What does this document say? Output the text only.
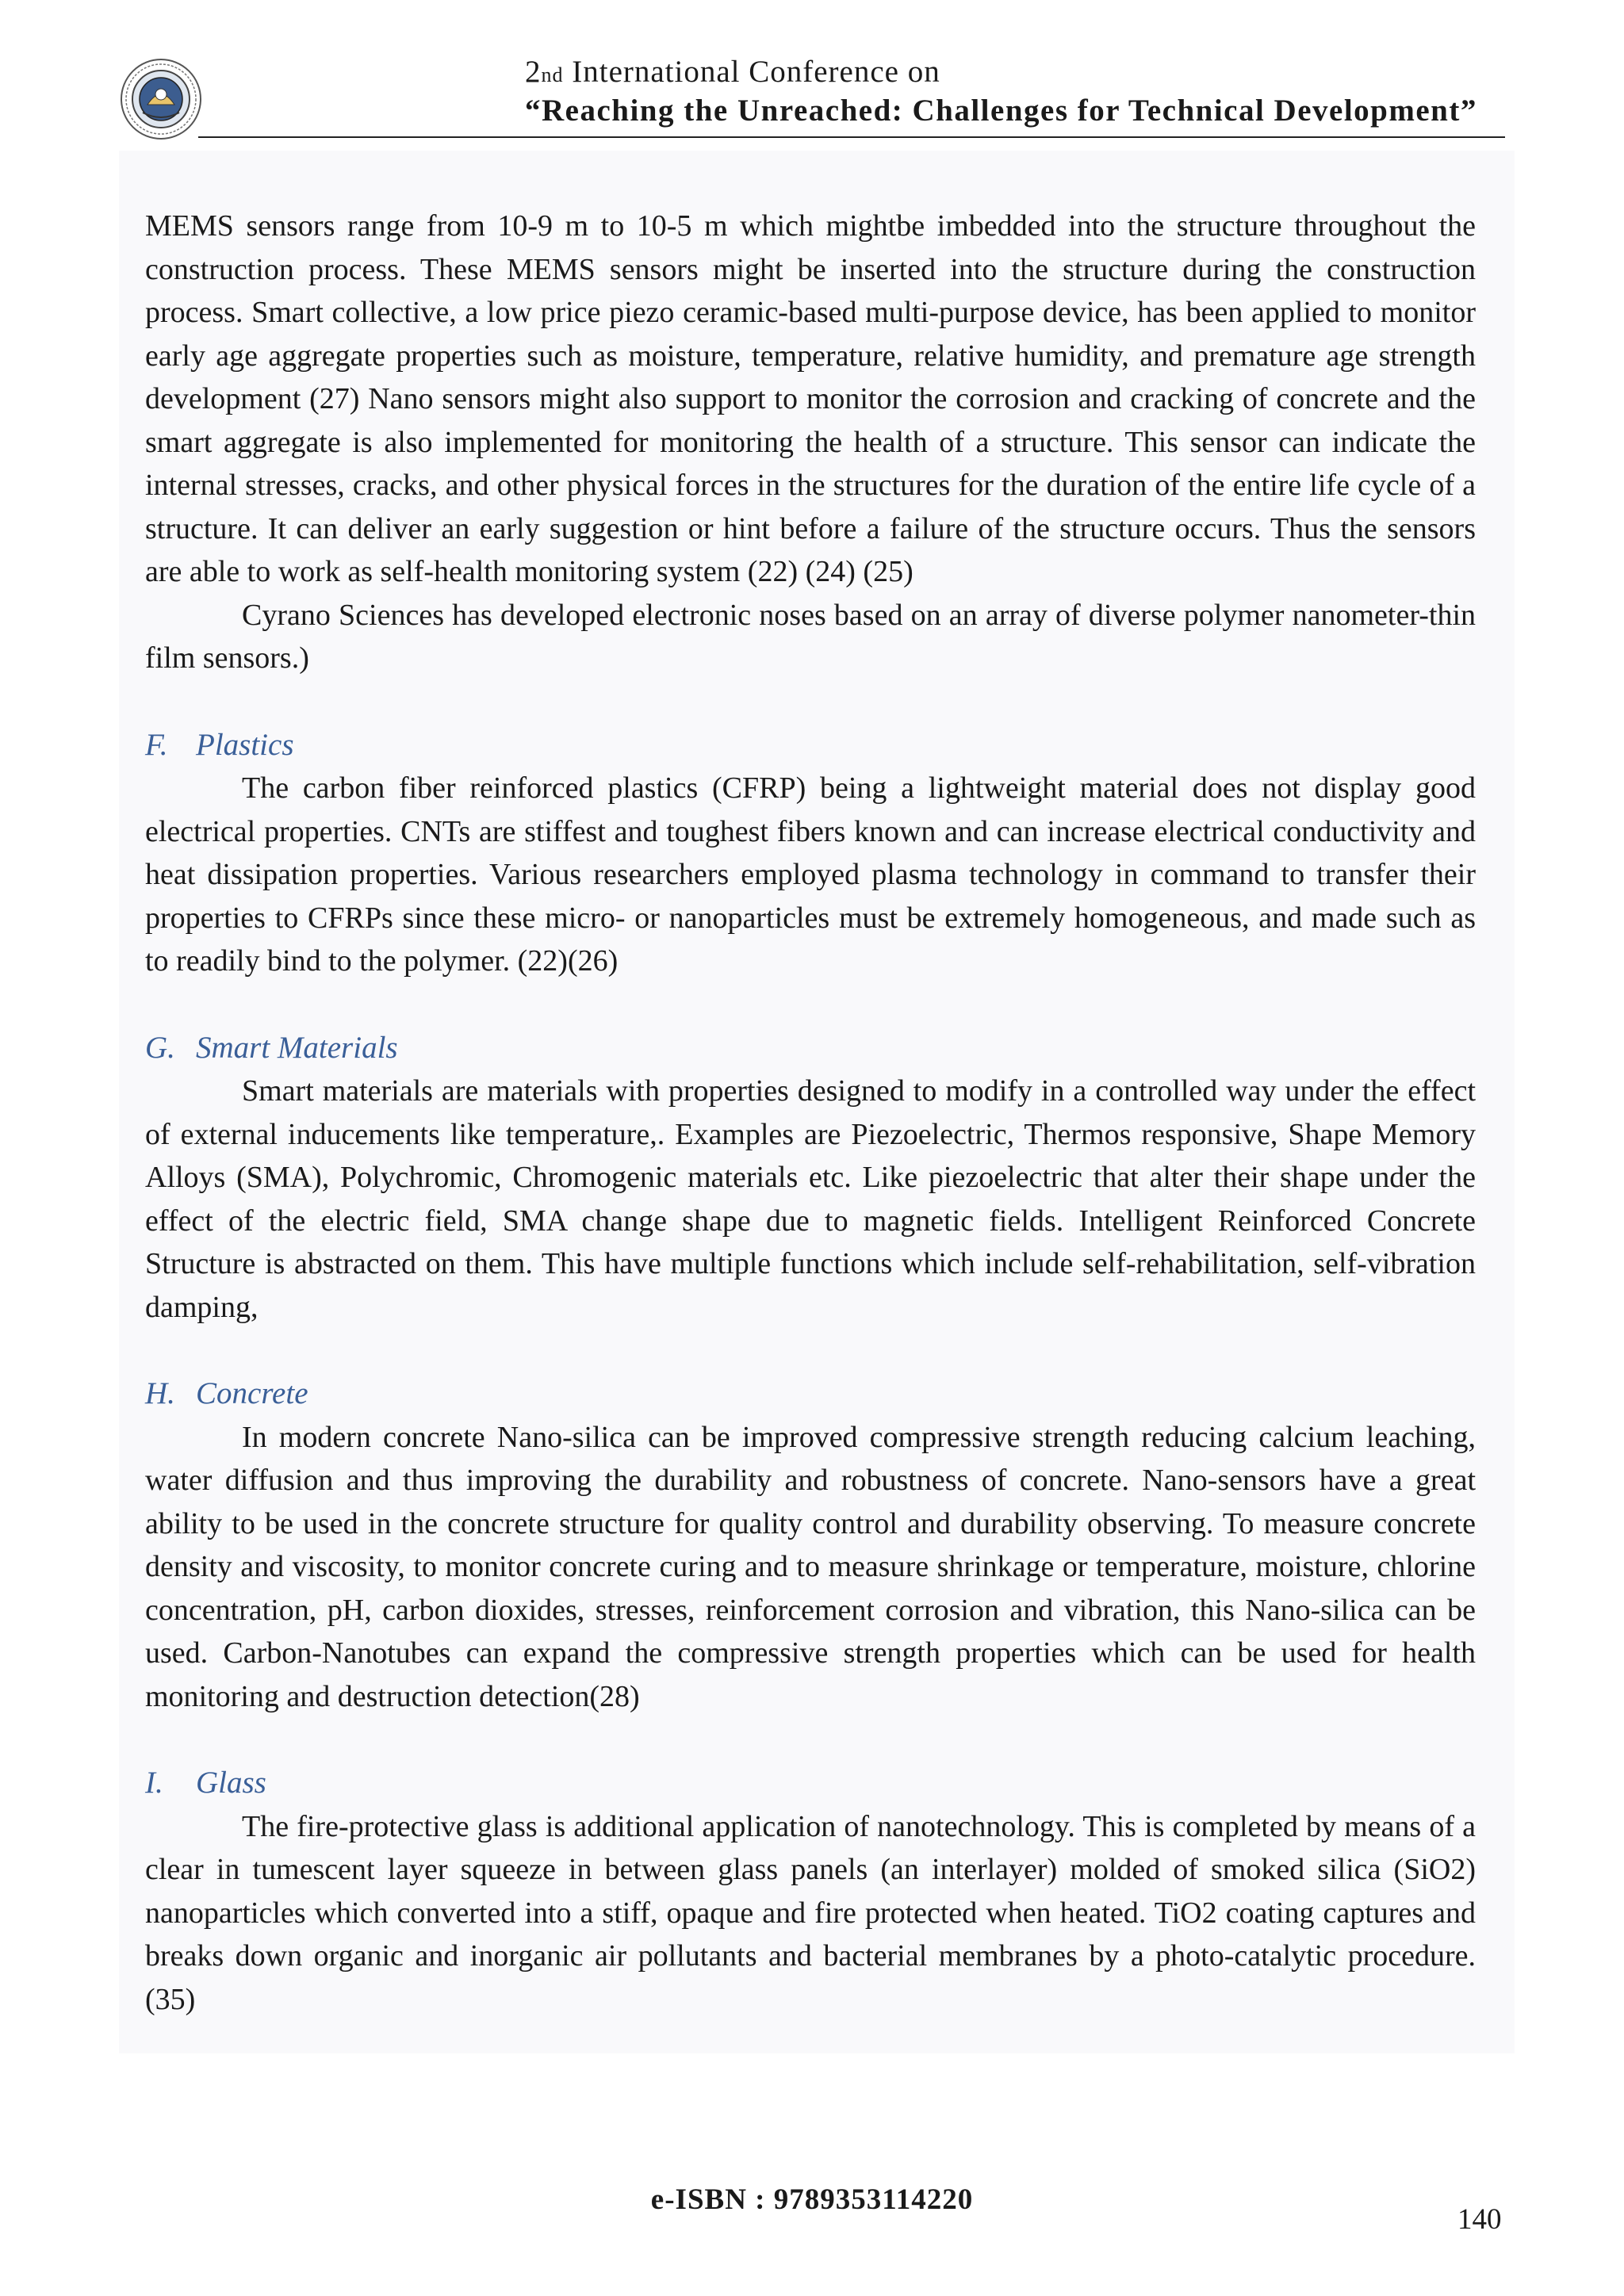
2nd International Conference on
“Reaching the Unreached: Challenges for Technical Development”

MEMS sensors range from 10-9 m to 10-5 m which mightbe imbedded into the structure throughout the construction process. These MEMS sensors might be inserted into the structure during the construction process. Smart collective, a low price piezo ceramic-based multi-purpose device, has been applied to monitor early age aggregate properties such as moisture, temperature, relative humidity, and premature age strength development (27) Nano sensors might also support to monitor the corrosion and cracking of concrete and the smart aggregate is also implemented for monitoring the health of a structure. This sensor can indicate the internal stresses, cracks, and other physical forces in the structures for the duration of the entire life cycle of a structure. It can deliver an early suggestion or hint before a failure of the structure occurs. Thus the sensors are able to work as self-health monitoring system (22) (24) (25)

Cyrano Sciences has developed electronic noses based on an array of diverse polymer nanometer-thin film sensors.)

F. Plastics

The carbon fiber reinforced plastics (CFRP) being a lightweight material does not display good electrical properties. CNTs are stiffest and toughest fibers known and can increase electrical conductivity and heat dissipation properties. Various researchers employed plasma technology in command to transfer their properties to CFRPs since these micro- or nanoparticles must be extremely homogeneous, and made such as to readily bind to the polymer. (22)(26)

G. Smart Materials

Smart materials are materials with properties designed to modify in a controlled way under the effect of external inducements like temperature,. Examples are Piezoelectric, Thermos responsive, Shape Memory Alloys (SMA), Polychromic, Chromogenic materials etc. Like piezoelectric that alter their shape under the effect of the electric field, SMA change shape due to magnetic fields. Intelligent Reinforced Concrete Structure is abstracted on them. This have multiple functions which include self-rehabilitation, self-vibration damping,

H. Concrete

In modern concrete Nano-silica can be improved compressive strength reducing calcium leaching, water diffusion and thus improving the durability and robustness of concrete. Nano-sensors have a great ability to be used in the concrete structure for quality control and durability observing. To measure concrete density and viscosity, to monitor concrete curing and to measure shrinkage or temperature, moisture, chlorine concentration, pH, carbon dioxides, stresses, reinforcement corrosion and vibration, this Nano-silica can be used. Carbon-Nanotubes can expand the compressive strength properties which can be used for health monitoring and destruction detection(28)

I. Glass

The fire-protective glass is additional application of nanotechnology. This is completed by means of a clear in tumescent layer squeeze in between glass panels (an interlayer) molded of smoked silica (SiO2) nanoparticles which converted into a stiff, opaque and fire protected when heated. TiO2 coating captures and breaks down organic and inorganic air pollutants and bacterial membranes by a photo-catalytic procedure. (35)

e-ISBN : 9789353114220
140
